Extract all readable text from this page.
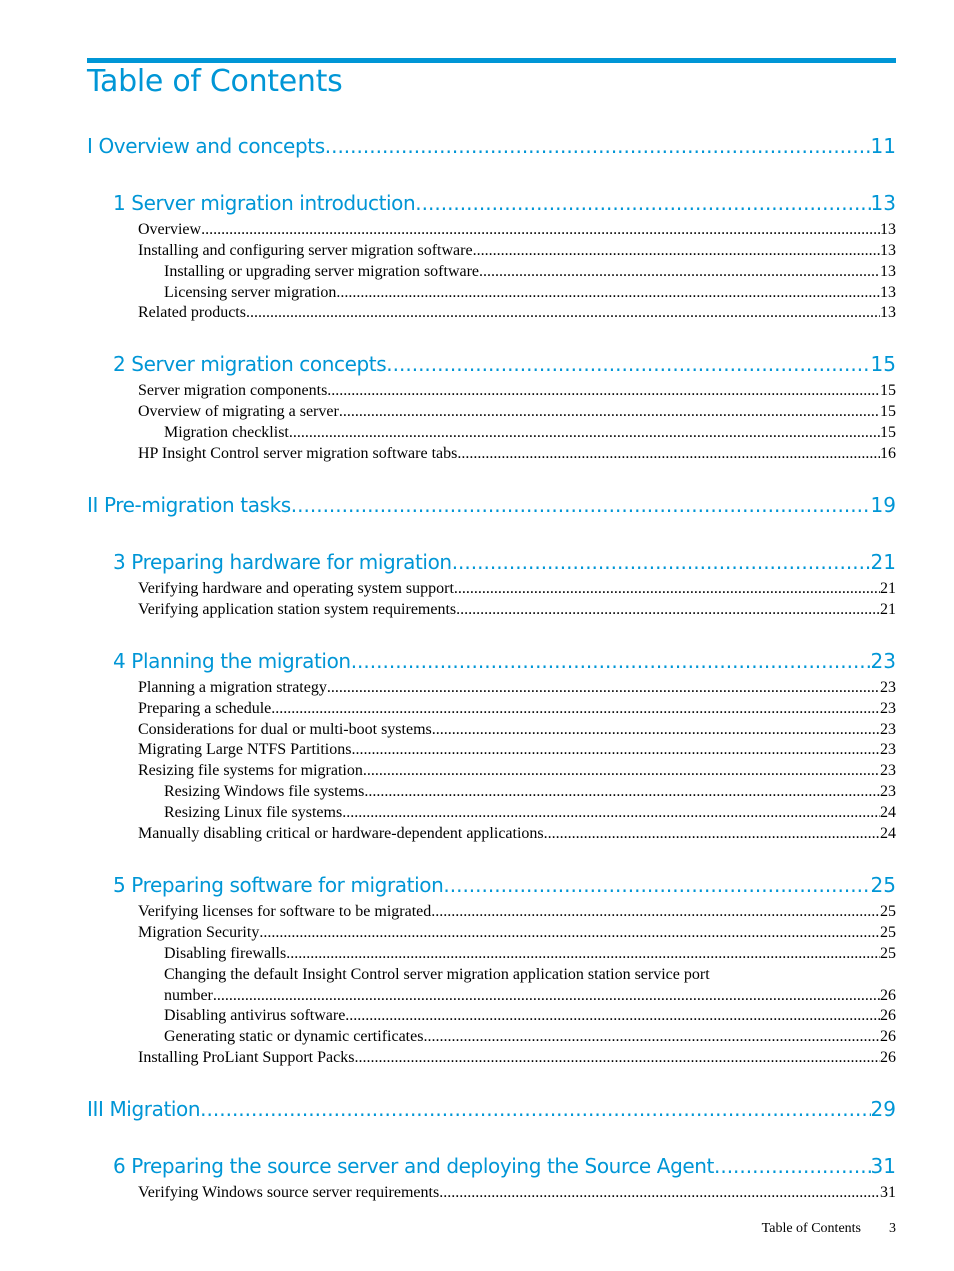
Table of Contents
I Overview and concepts .....	11
1 Server migration introduction .....	13
Overview .....	13
Installing and configuring server migration software .....	13
Installing or upgrading server migration software .....	13
Licensing server migration .....	13
Related products .....	13
2 Server migration concepts .....	15
Server migration components .....	15
Overview of migrating a server .....	15
Migration checklist .....	15
HP Insight Control server migration software tabs .....	16
II Pre-migration tasks .....	19
3 Preparing hardware for migration .....	21
Verifying hardware and operating system support .....	21
Verifying application station system requirements .....	21
4 Planning the migration .....	23
Planning a migration strategy .....	23
Preparing a schedule .....	23
Considerations for dual or multi-boot systems .....	23
Migrating Large NTFS Partitions .....	23
Resizing file systems for migration .....	23
Resizing Windows file systems .....	23
Resizing Linux file systems .....	24
Manually disabling critical or hardware-dependent applications .....	24
5 Preparing software for migration .....	25
Verifying licenses for software to be migrated .....	25
Migration Security .....	25
Disabling firewalls .....	25
Changing the default Insight Control server migration application station service port
number .....	26
Disabling antivirus software .....	26
Generating static or dynamic certificates .....	26
Installing ProLiant Support Packs .....	26
III Migration .....	29
6 Preparing the source server and deploying the Source Agent .....	31
Verifying Windows source server requirements .....	31
Table of Contents 3
